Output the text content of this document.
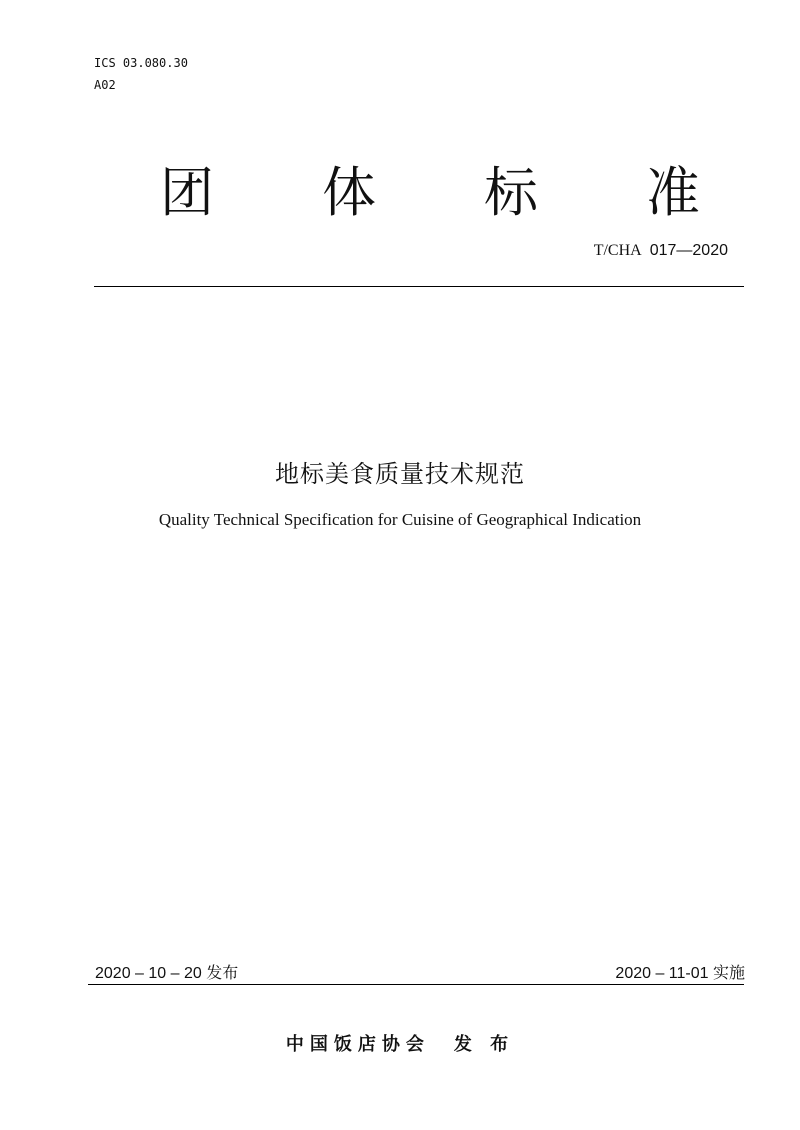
ICS 03.080.30
A02
团 体 标 准
T/CHA 017—2020
地标美食质量技术规范
Quality Technical Specification for Cuisine of Geographical Indication
2020 – 10 – 20 发布	2020 – 11-01 实施
中国饭店协会 发 布
